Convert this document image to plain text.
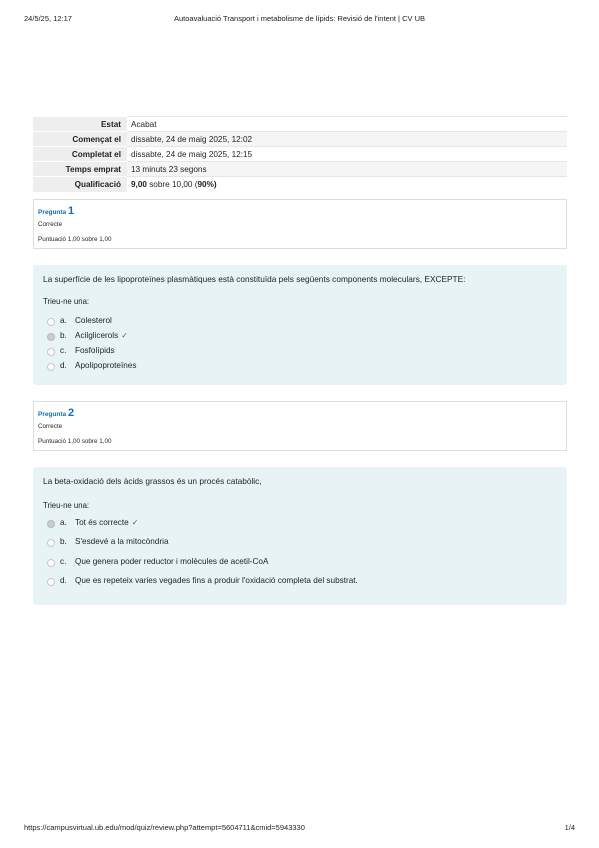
24/5/25, 12:17	Autoavaluació Transport i metabolisme de lípids: Revisió de l'intent | CV UB
Estat	Acabat
Començat el	dissabte, 24 de maig 2025, 12:02
Completat el	dissabte, 24 de maig 2025, 12:15
Temps emprat	13 minuts 23 segons
Qualificació	9,00 sobre 10,00 (90%)
Pregunta 1
Correcte
Puntuació 1,00 sobre 1,00
La superfície de les lipoproteïnes plasmàtiques està constituïda pels següents components moleculars, EXCEPTE:
Trieu-ne una:
a. Colesterol
b. Acilglicerols ✓
c. Fosfolípids
d. Apolipoproteïnes
Pregunta 2
Correcte
Puntuació 1,00 sobre 1,00
La beta-oxidació dels àcids grassos és un procés catabòlic,
Trieu-ne una:
a. Tot és correcte ✓
b. S'esdevé a la mitocòndria
c. Que genera poder reductor i molècules de acetil-CoA
d. Que es repeteix varies vegades fins a produir l'oxidació completa del substrat.
https://campusvirtual.ub.edu/mod/quiz/review.php?attempt=5604711&cmid=5943330	1/4
